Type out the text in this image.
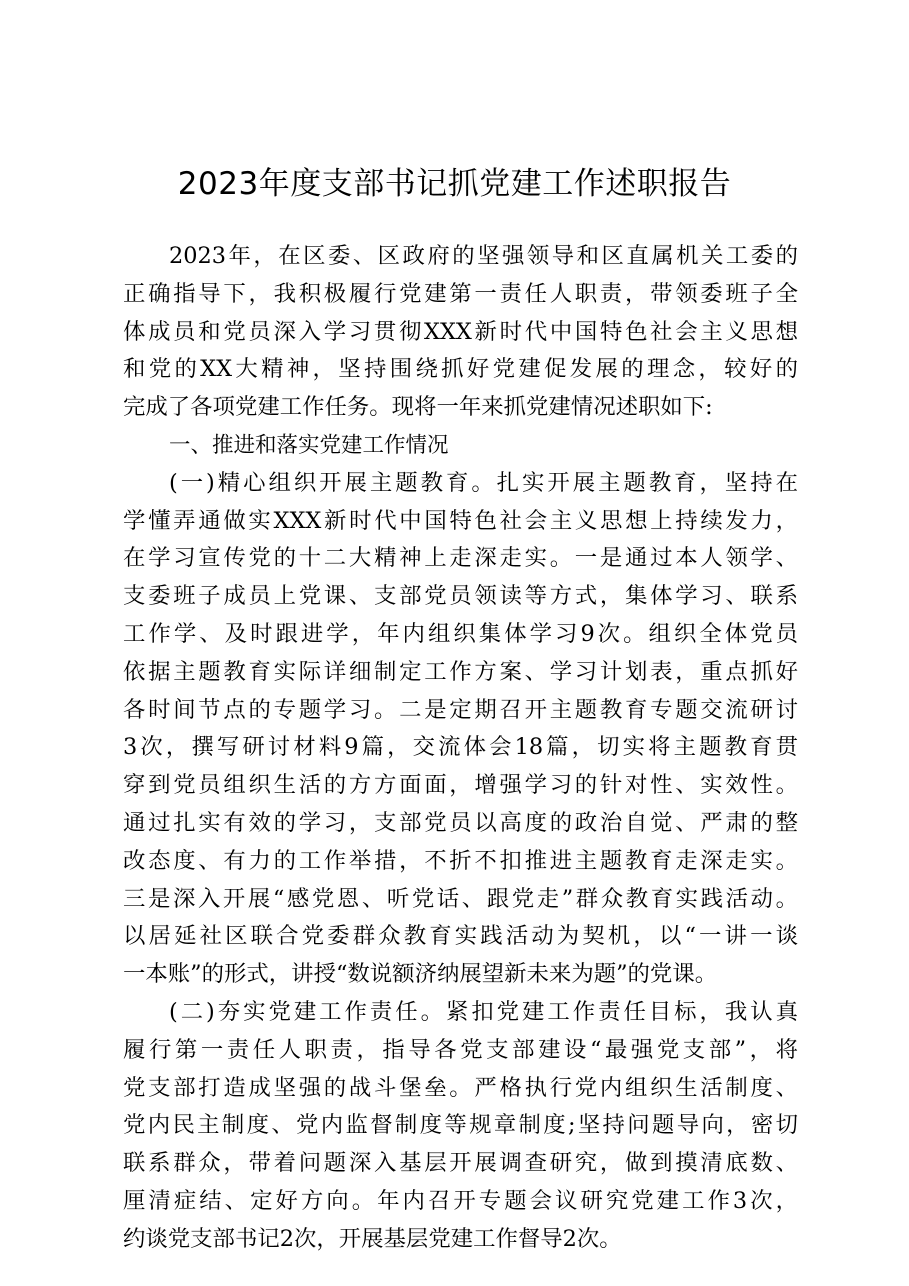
2023年度支部书记抓党建工作述职报告
2023年，在区委、区政府的坚强领导和区直属机关工委的
正确指导下，我积极履行党建第一责任人职责，带领委班子全
体成员和党员深入学习贯彻XXX新时代中国特色社会主义思想
和党的XX大精神，坚持围绕抓好党建促发展的理念，较好的
完成了各项党建工作任务。现将一年来抓党建情况述职如下:
一、推进和落实党建工作情况
(一)精心组织开展主题教育。扎实开展主题教育，坚持在
学懂弄通做实XXX新时代中国特色社会主义思想上持续发力，
在学习宣传党的十二大精神上走深走实。一是通过本人领学、
支委班子成员上党课、支部党员领读等方式，集体学习、联系
工作学、及时跟进学，年内组织集体学习9次。组织全体党员
依据主题教育实际详细制定工作方案、学习计划表，重点抓好
各时间节点的专题学习。二是定期召开主题教育专题交流研讨
3次，撰写研讨材料9篇，交流体会18篇，切实将主题教育贯
穿到党员组织生活的方方面面，增强学习的针对性、实效性。
通过扎实有效的学习，支部党员以高度的政治自觉、严肃的整
改态度、有力的工作举措，不折不扣推进主题教育走深走实。
三是深入开展“感党恩、听党话、跟党走”群众教育实践活动。
以居延社区联合党委群众教育实践活动为契机，以“一讲一谈
一本账”的形式，讲授“数说额济纳展望新未来为题”的党课。
(二)夯实党建工作责任。紧扣党建工作责任目标，我认真
履行第一责任人职责，指导各党支部建设“最强党支部”，将
党支部打造成坚强的战斗堡垒。严格执行党内组织生活制度、
党内民主制度、党内监督制度等规章制度;坚持问题导向，密切
联系群众，带着问题深入基层开展调查研究，做到摸清底数、
厘清症结、定好方向。年内召开专题会议研究党建工作3次，
约谈党支部书记2次，开展基层党建工作督导2次。
